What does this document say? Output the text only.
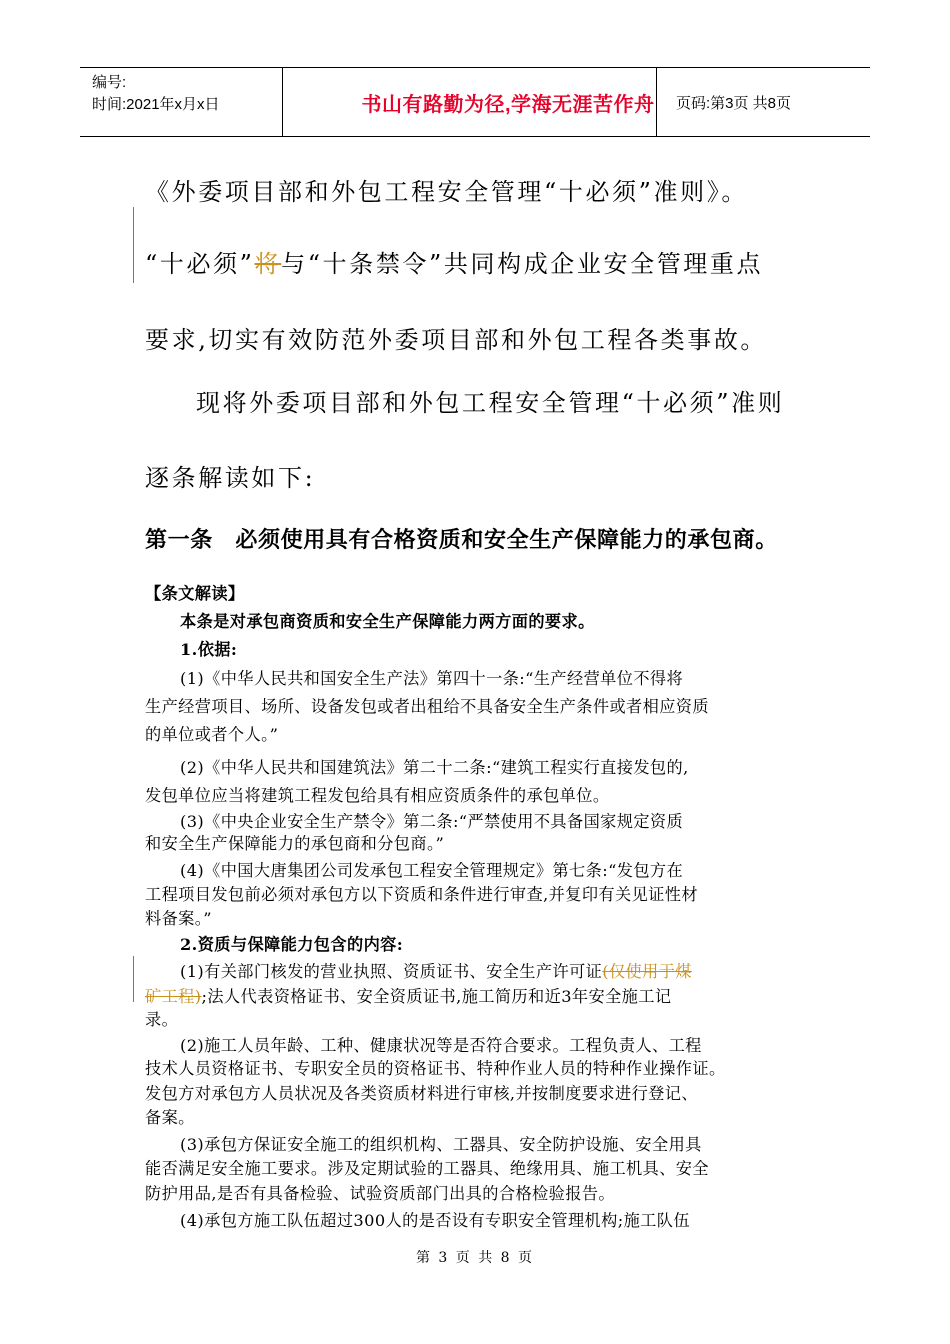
编号:
时间:2021年x月x日	书山有路勤为径,学海无涯苦作舟	页码:第3页 共8页
《外委项目部和外包工程安全管理“十必须”准则》。
“十必须”将与“十条禁令”共同构成企业安全管理重点
要求,切实有效防范外委项目部和外包工程各类事故。
现将外委项目部和外包工程安全管理“十必须”准则
逐条解读如下:
第一条　必须使用具有合格资质和安全生产保障能力的承包商。
【条文解读】
本条是对承包商资质和安全生产保障能力两方面的要求。
1.依据:
(1)《中华人民共和国安全生产法》第四十一条:“生产经营单位不得将
生产经营项目、场所、设备发包或者出租给不具备安全生产条件或者相应资质
的单位或者个人。”
(2)《中华人民共和国建筑法》第二十二条:“建筑工程实行直接发包的,
发包单位应当将建筑工程发包给具有相应资质条件的承包单位。
(3)《中央企业安全生产禁令》第二条:“严禁使用不具备国家规定资质
和安全生产保障能力的承包商和分包商。”
(4)《中国大唐集团公司发承包工程安全管理规定》第七条:“发包方在
工程项目发包前必须对承包方以下资质和条件进行审查,并复印有关见证性材
料备案。”
2.资质与保障能力包含的内容:
(1)有关部门核发的营业执照、资质证书、安全生产许可证(仅使用于煤
矿工程);法人代表资格证书、安全资质证书,施工简历和近3年安全施工记
录。
(2)施工人员年龄、工种、健康状况等是否符合要求。工程负责人、工程
技术人员资格证书、专职安全员的资格证书、特种作业人员的特种作业操作证。
发包方对承包方人员状况及各类资质材料进行审核,并按制度要求进行登记、
备案。
(3)承包方保证安全施工的组织机构、工器具、安全防护设施、安全用具
能否满足安全施工要求。涉及定期试验的工器具、绝缘用具、施工机具、安全
防护用品,是否有具备检验、试验资质部门出具的合格检验报告。
(4)承包方施工队伍超过300人的是否设有专职安全管理机构;施工队伍
第 3 页 共 8 页
